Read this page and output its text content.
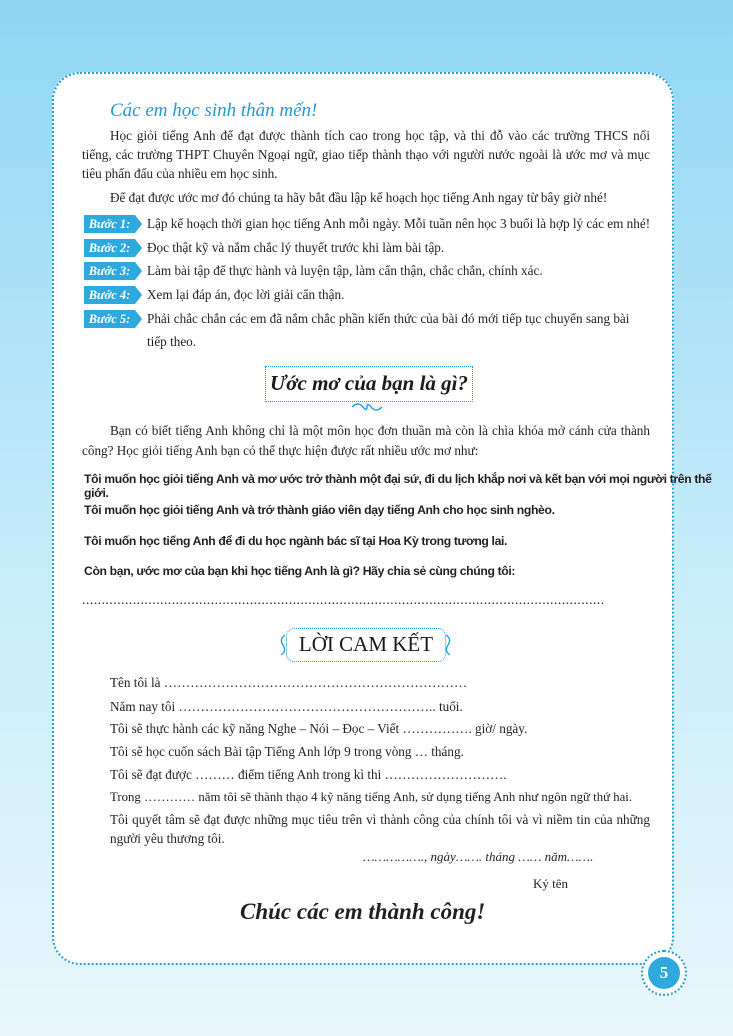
Các em học sinh thân mến!
Học giỏi tiếng Anh để đạt được thành tích cao trong học tập, và thi đỗ vào các trường THCS nổi tiếng, các trường THPT Chuyên Ngoại ngữ, giao tiếp thành thạo với người nước ngoài là ước mơ và mục tiêu phấn đấu của nhiều em học sinh.
Để đạt được ước mơ đó chúng ta hãy bắt đầu lập kế hoạch học tiếng Anh ngay từ bây giờ nhé!
Bước 1:	Lập kế hoạch thời gian học tiếng Anh mỗi ngày. Mỗi tuần nên học 3 buổi là hợp lý các em nhé!
Bước 2:	Đọc thật kỹ và nắm chắc lý thuyết trước khi làm bài tập.
Bước 3:	Làm bài tập để thực hành và luyện tập, làm cẩn thận, chắc chắn, chính xác.
Bước 4:	Xem lại đáp án, đọc lời giải cẩn thận.
Bước 5:	Phải chắc chắn các em đã nắm chắc phần kiến thức của bài đó mới tiếp tục chuyển sang bài tiếp theo.
Ước mơ của bạn là gì?
Bạn có biết tiếng Anh không chỉ là một môn học đơn thuần mà còn là chìa khóa mở cánh cửa thành công? Học giỏi tiếng Anh bạn có thể thực hiện được rất nhiều ước mơ như:
Tôi muốn học giỏi tiếng Anh và mơ ước trở thành một đại sứ, đi du lịch khắp nơi và kết bạn với mọi người trên thế giới.
Tôi muốn học giỏi tiếng Anh và trở thành giáo viên dạy tiếng Anh cho học sinh nghèo.
Tôi muốn học tiếng Anh để đi du học ngành bác sĩ tại Hoa Kỳ trong tương lai.
Còn bạn, ước mơ của bạn khi học tiếng Anh là gì? Hãy chia sẻ cùng chúng tôi:
......................................................................................................................................
LỜI CAM KẾT
Tên tôi là ……………………………………………………………
Năm nay tôi ………………………………………………….. tuổi.
Tôi sẽ thực hành các kỹ năng Nghe – Nói – Đọc – Viết ……………. giờ/ ngày.
Tôi sẽ học cuốn sách Bài tập Tiếng Anh lớp 9 trong vòng … tháng.
Tôi sẽ đạt được ……… điểm tiếng Anh trong kì thi ……………………….
Trong ………… năm tôi sẽ thành thạo 4 kỹ năng tiếng Anh, sử dụng tiếng Anh như ngôn ngữ thứ hai.
Tôi quyết tâm sẽ đạt được những mục tiêu trên vì thành công của chính tôi và vì niềm tin của những người yêu thương tôi.
……………., ngày……. tháng …… năm…….
Ký tên
Chúc các em thành công!
5
